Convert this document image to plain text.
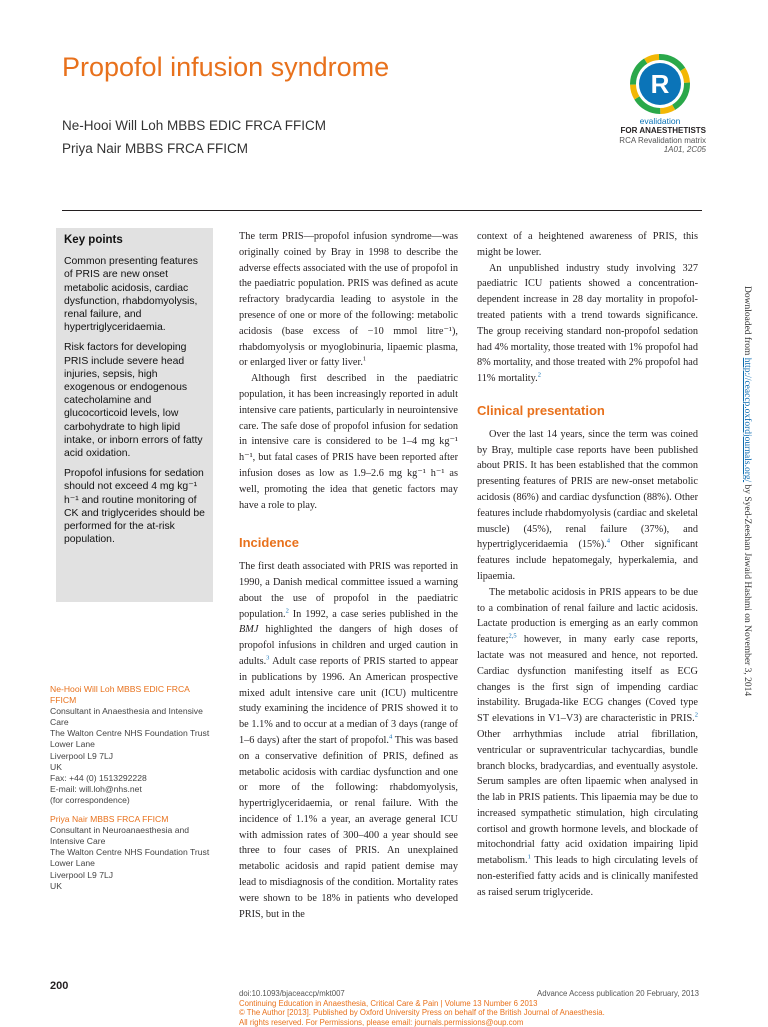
Propofol infusion syndrome
Ne-Hooi Will Loh MBBS EDIC FRCA FFICM
Priya Nair MBBS FRCA FFICM
R
evalidation
FOR ANAESTHETISTS
RCA Revalidation matrix
1A01, 2C05
Key points

Common presenting features of PRIS are new onset metabolic acidosis, cardiac dysfunction, rhabdomyolysis, renal failure, and hypertriglyceridaemia.

Risk factors for developing PRIS include severe head injuries, sepsis, high exogenous or endogenous catecholamine and glucocorticoid levels, low carbohydrate to high lipid intake, or inborn errors of fatty acid oxidation.

Propofol infusions for sedation should not exceed 4 mg kg⁻¹ h⁻¹ and routine monitoring of CK and triglycerides should be performed for the at-risk population.

Ne-Hooi Will Loh MBBS EDIC FRCA FFICM

Consultant in Anaesthesia and Intensive Care

The Walton Centre NHS Foundation Trust

Lower Lane

Liverpool L9 7LJ

UK

Fax: +44 (0) 1513292228

E-mail: will.loh@nhs.net

(for correspondence)

Priya Nair MBBS FRCA FFICM

Consultant in Neuroanaesthesia and Intensive Care

The Walton Centre NHS Foundation Trust

Lower Lane

Liverpool L9 7LJ

UK

The term PRIS—propofol infusion syndrome—was originally coined by Bray in 1998 to describe the adverse effects associated with the use of propofol in the paediatric population. PRIS was defined as acute refractory bradycardia leading to asystole in the presence of one or more of the following: metabolic acidosis (base excess of −10 mmol litre⁻¹), rhabdomyolysis or myoglobinuria, lipaemic plasma, or enlarged liver or fatty liver.$^1$

Although first described in the paediatric population, it has been increasingly reported in adult intensive care patients, particularly in neurointensive care. The safe dose of propofol infusion for sedation in intensive care is considered to be 1–4 mg kg⁻¹ h⁻¹, but fatal cases of PRIS have been reported after infusion doses as low as 1.9–2.6 mg kg⁻¹ h⁻¹ as well, promoting the idea that genetic factors may have a role to play.

Incidence

The first death associated with PRIS was reported in 1990, a Danish medical committee issued a warning about the use of propofol in the paediatric population.$^2$ In 1992, a case series published in the BMJ highlighted the dangers of high doses of propofol infusions in children and urged caution in adults.$^3$ Adult case reports of PRIS started to appear in publications by 1996. An American prospective mixed adult intensive care unit (ICU) multicentre study examining the incidence of PRIS showed it to be 1.1% and to occur at a median of 3 days (range of 1–6 days) after the start of propofol.$^4$ This was based on a conservative definition of PRIS, defined as metabolic acidosis with cardiac dysfunction and one or more of the following: rhabdomyolysis, hypertriglyceridaemia, or renal failure. With the incidence of 1.1% a year, an average general ICU with admission rates of 300–400 a year should see three to four cases of PRIS. An unexplained metabolic acidosis and rapid patient demise may lead to misdiagnosis of the condition. Mortality rates were shown to be 18% in patients who developed PRIS, but in the

context of a heightened awareness of PRIS, this might be lower.

An unpublished industry study involving 327 paediatric ICU patients showed a concentration-dependent increase in 28 day mortality in propofol-treated patients with a trend towards significance. The group receiving standard non-propofol sedation had 4% mortality, those treated with 1% propofol had 8% mortality, and those treated with 2% propofol had 11% mortality.$^2$

Clinical presentation

Over the last 14 years, since the term was coined by Bray, multiple case reports have been published about PRIS. It has been established that the common presenting features of PRIS are new-onset metabolic acidosis (86%) and cardiac dysfunction (88%). Other features include rhabdomyolysis (cardiac and skeletal muscle) (45%), renal failure (37%), and hypertriglyceridaemia (15%).$^4$ Other significant features include hepatomegaly, hyperkalemia, and lipaemia.

The metabolic acidosis in PRIS appears to be due to a combination of renal failure and lactic acidosis. Lactate production is emerging as an early common feature;$^{2,5}$ however, in many early case reports, lactate was not measured and hence, not reported. Cardiac dysfunction manifesting itself as ECG changes is the first sign of impending cardiac instability. Brugada-like ECG changes (Coved type ST elevations in V1–V3) are characteristic in PRIS.$^2$ Other arrhythmias include atrial fibrillation, ventricular or supraventricular tachycardias, bundle branch blocks, bradycardias, and eventually asystole. Serum samples are often lipaemic when analysed in the lab in PRIS patients. This lipaemia may be due to increased sympathetic stimulation, high circulating cortisol and growth hormone levels, and blockade of mitochondrial fatty acid oxidation impairing lipid metabolism.$^1$ This leads to high circulating levels of non-esterified fatty acids and is clinically manifested as raised serum triglyceride.

Downloaded from http://ceaccp.oxfordjournals.org/ by Syed-Zeeshan Jawaid Hashmi on November 3, 2014
200
doi:10.1093/bjaceaccp/mkt007	Advance Access publication 20 February, 2013
Continuing Education in Anaesthesia, Critical Care & Pain | Volume 13 Number 6 2013
© The Author [2013]. Published by Oxford University Press on behalf of the British Journal of Anaesthesia.
All rights reserved. For Permissions, please email: journals.permissions@oup.com
